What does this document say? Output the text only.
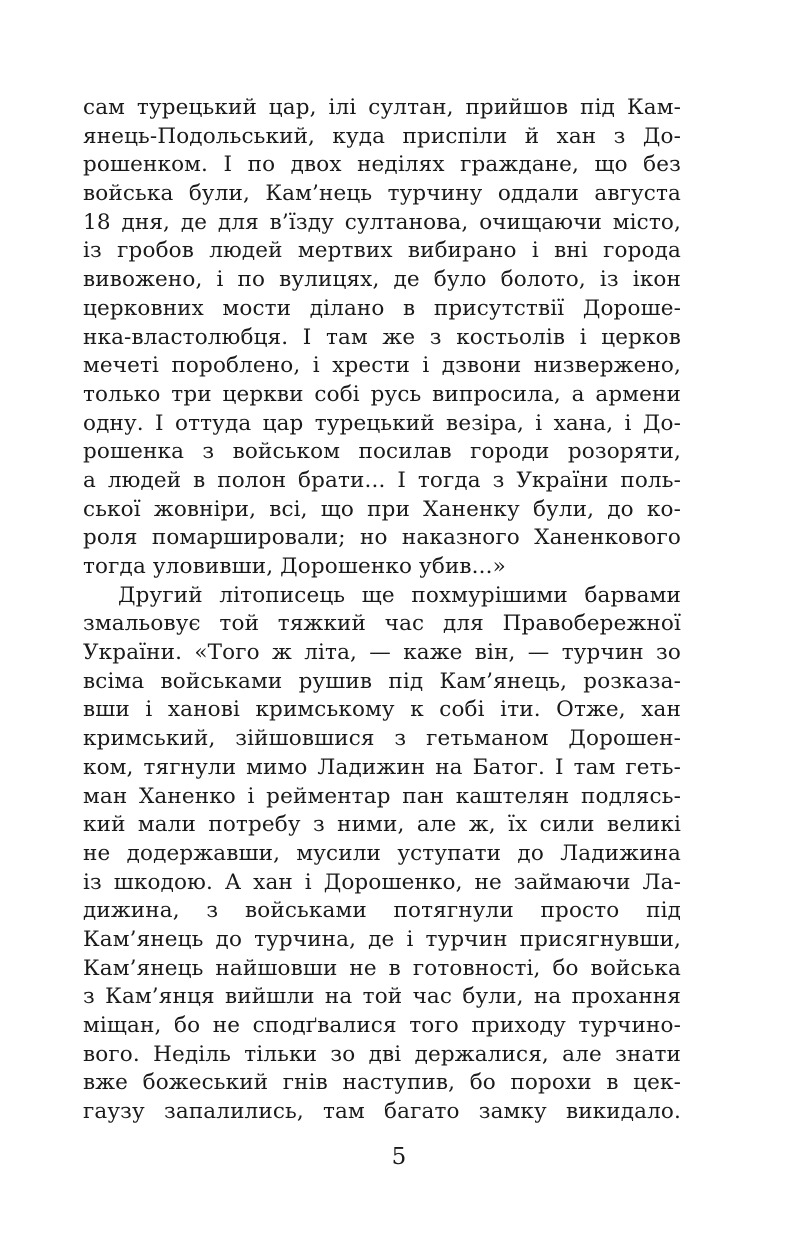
сам турецький цар, ілі султан, прийшов під Кам-
янець-Подольський, куда приспіли й хан з До-
рошенком. І по двох неділях граждане, що без
войська були, Кам’нець турчину оддали августа
18 дня, де для в’їзду султанова, очищаючи місто,
із гробов людей мертвих вибирано і вні города
вивожено, і по вулицях, де було болото, із ікон
церковних мости ділано в присутствії Дороше-
нка-властолюбця. І там же з костьолів і церков
мечеті пороблено, і хрести і дзвони низвержено,
только три церкви собі русь випросила, а армени
одну. І оттуда цар турецький везіра, і хана, і До-
рошенка з войськом посилав городи розоряти,
а людей в полон брати... І тогда з України поль-
ської жовніри, всі, що при Ханенку були, до ко-
роля помаршировали; но наказного Ханенкового
тогда уловивши, Дорошенко убив...»
Другий літописець ще похмурішими барвами
змальовує той тяжкий час для Правобережної
України. «Того ж літа, — каже він, — турчин зо
всіма войськами рушив під Кам’янець, розказа-
вши і ханові кримському к собі іти. Отже, хан
кримський, зійшовшися з гетьманом Дорошен-
ком, тягнули мимо Ладижин на Батог. І там геть-
ман Ханенко і рейментар пан каштелян подлясь-
кий мали потребу з ними, але ж, їх сили великі
не додержавши, мусили уступати до Ладижина
із шкодою. А хан і Дорошенко, не займаючи Ла-
дижина, з войськами потягнули просто під
Кам’янець до турчина, де і турчин присягнувши,
Кам’янець найшовши не в готовності, бо войська
з Кам’янця вийшли на той час були, на прохання
міщан, бо не сподґвалися того приходу турчино-
вого. Неділь тільки зо дві держалися, але знати
вже божеський гнів наступив, бо порохи в цек-
гаузу запалились, там багато замку викидало.
5
